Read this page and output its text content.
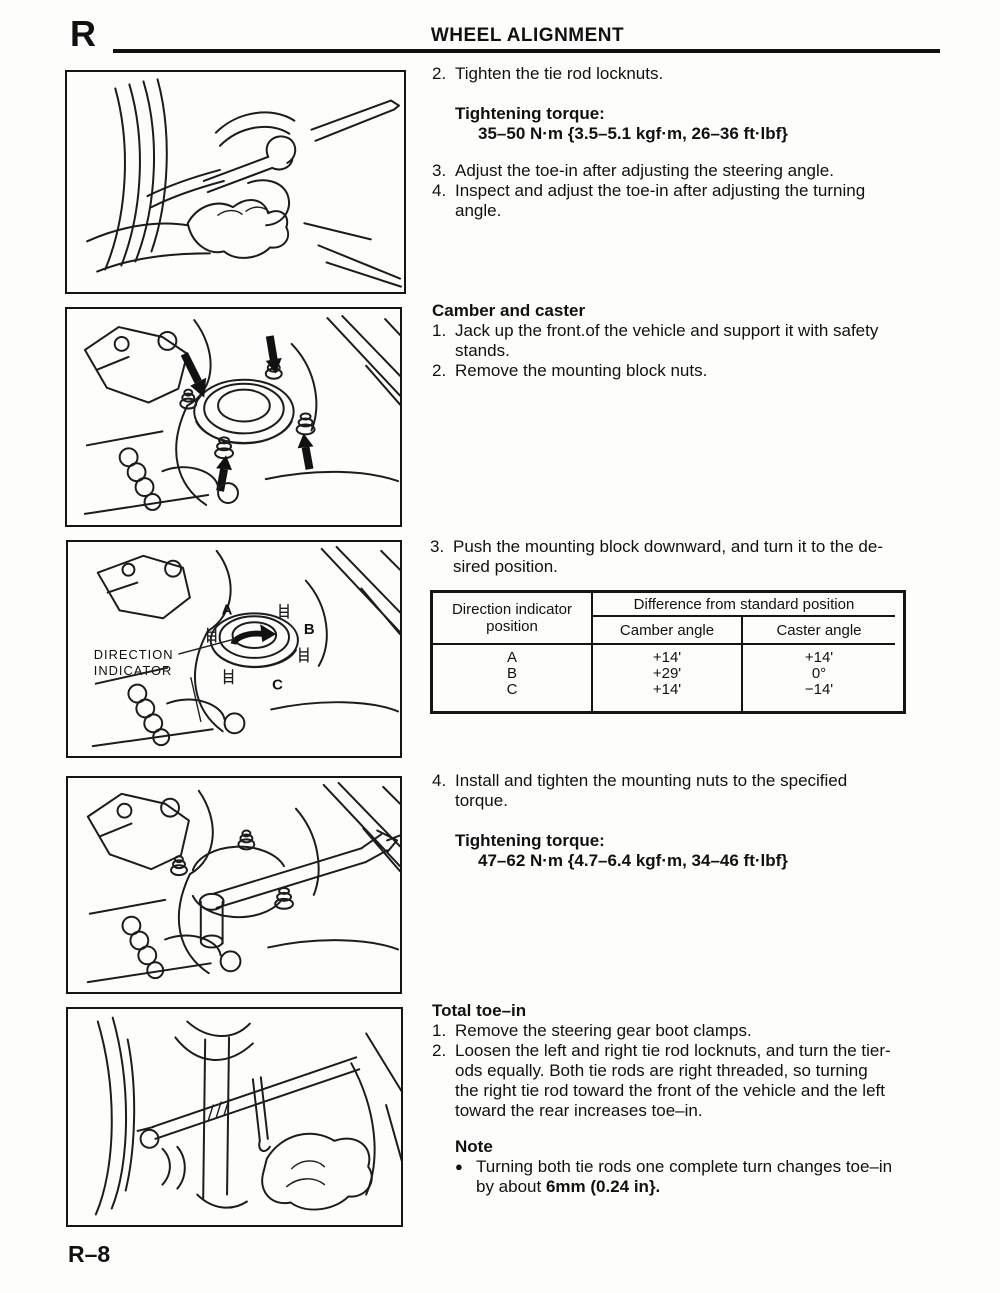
R	WHEEL ALIGNMENT
A
B
C
DIRECTION
INDICATOR
2. Tighten the tie rod locknuts.
Tightening torque:
35–50 N·m {3.5–5.1 kgf·m, 26–36 ft·lbf}
3. Adjust the toe-in after adjusting the steering angle.
4. Inspect and adjust the toe-in after adjusting the turning
angle.
Camber and caster
1. Jack up the front.of the vehicle and support it with safety
stands.
2. Remove the mounting block nuts.
3. Push the mounting block downward, and turn it to the de-
sired position.
Direction indicator
position
Difference from standard position
Camber angle	Caster angle
A
B
C
+14'
+29'
+14'
+14'
0°
−14'
4. Install and tighten the mounting nuts to the specified
torque.
Tightening torque:
47–62 N·m {4.7–6.4 kgf·m, 34–46 ft·lbf}
Total toe–in
1. Remove the steering gear boot clamps.
2. Loosen the left and right tie rod locknuts, and turn the tier-
ods equally. Both tie rods are right threaded, so turning
the right tie rod toward the front of the vehicle and the left
toward the rear increases toe–in.
Note
● Turning both tie rods one complete turn changes toe–in
by about 6mm (0.24 in}.
R–8
